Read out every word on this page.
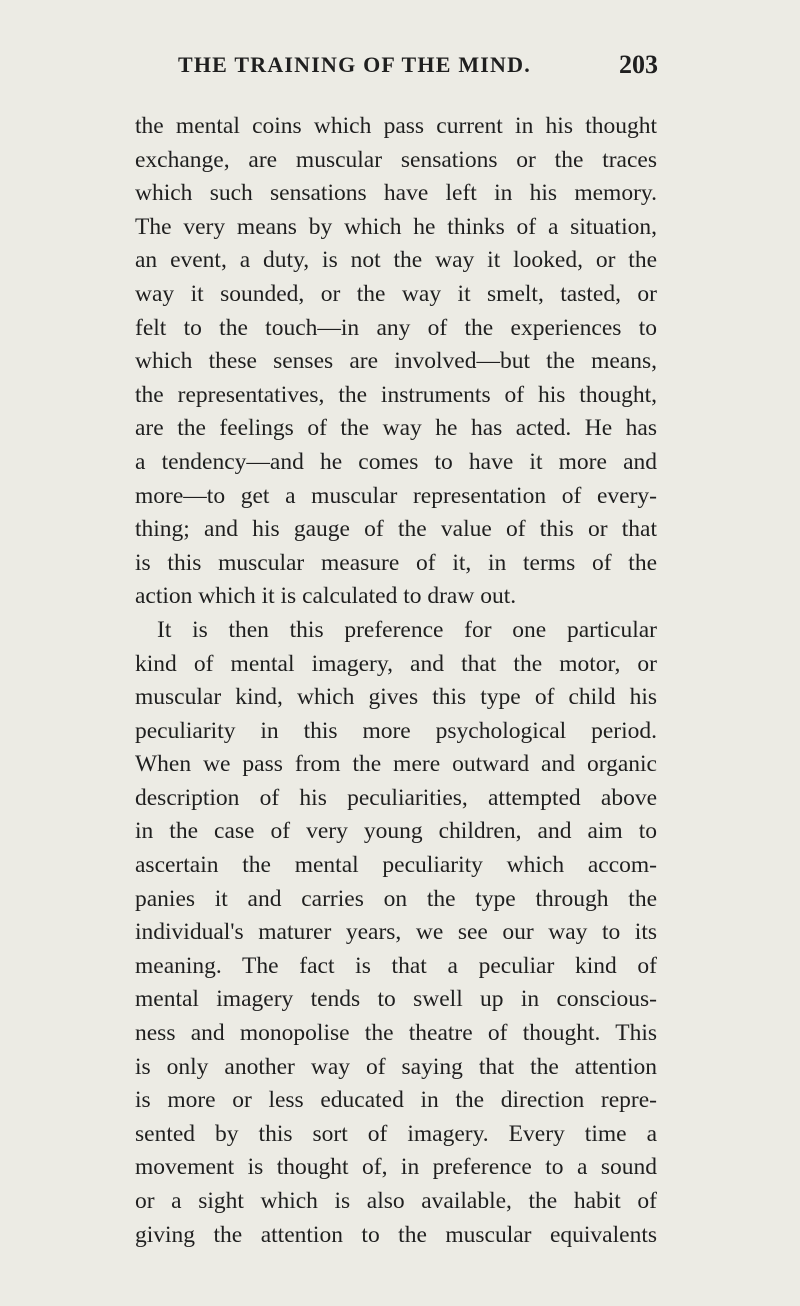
THE TRAINING OF THE MIND.	203
the mental coins which pass current in his thought
exchange, are muscular sensations or the traces
which such sensations have left in his memory.
The very means by which he thinks of a situation,
an event, a duty, is not the way it looked, or the
way it sounded, or the way it smelt, tasted, or
felt to the touch—in any of the experiences to
which these senses are involved—but the means,
the representatives, the instruments of his thought,
are the feelings of the way he has acted. He has
a tendency—and he comes to have it more and
more—to get a muscular representation of every-
thing; and his gauge of the value of this or that
is this muscular measure of it, in terms of the
action which it is calculated to draw out.
It is then this preference for one particular
kind of mental imagery, and that the motor, or
muscular kind, which gives this type of child his
peculiarity in this more psychological period.
When we pass from the mere outward and organic
description of his peculiarities, attempted above
in the case of very young children, and aim to
ascertain the mental peculiarity which accom-
panies it and carries on the type through the
individual's maturer years, we see our way to its
meaning. The fact is that a peculiar kind of
mental imagery tends to swell up in conscious-
ness and monopolise the theatre of thought. This
is only another way of saying that the attention
is more or less educated in the direction repre-
sented by this sort of imagery. Every time a
movement is thought of, in preference to a sound
or a sight which is also available, the habit of
giving the attention to the muscular equivalents
